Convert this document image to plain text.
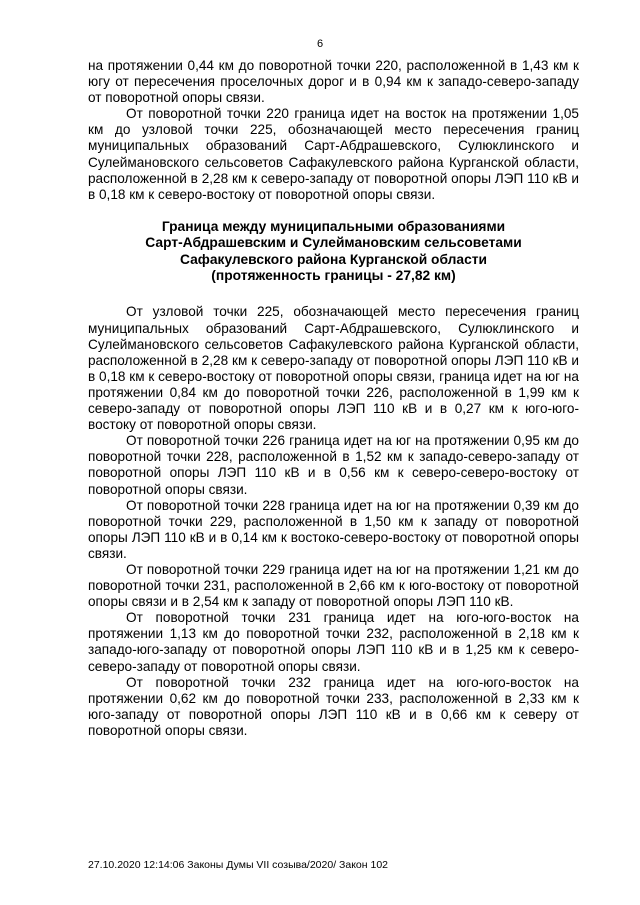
6

на протяжении 0,44 км до поворотной точки 220, расположенной в 1,43 км к югу от пересечения проселочных дорог и в 0,94 км к западо-северо-западу от поворотной опоры связи.

От поворотной точки 220 граница идет на восток на протяжении 1,05 км до узловой точки 225, обозначающей место пересечения границ муниципальных образований Сарт-Абдрашевского, Сулюклинского и Сулеймановского сельсоветов Сафакулевского района Курганской области, расположенной в 2,28 км к северо-западу от поворотной опоры ЛЭП 110 кВ и в 0,18 км к северо-востоку от поворотной опоры связи.

Граница между муниципальными образованиями
Сарт-Абдрашевским и Сулеймановским сельсоветами
Сафакулевского района Курганской области
(протяженность границы - 27,82 км)

От узловой точки 225, обозначающей место пересечения границ муниципальных образований Сарт-Абдрашевского, Сулюклинского и Сулеймановского сельсоветов Сафакулевского района Курганской области, расположенной в 2,28 км к северо-западу от поворотной опоры ЛЭП 110 кВ и в 0,18 км к северо-востоку от поворотной опоры связи, граница идет на юг на протяжении 0,84 км до поворотной точки 226, расположенной в 1,99 км к северо-западу от поворотной опоры ЛЭП 110 кВ и в 0,27 км к юго-юго-востоку от поворотной опоры связи.

От поворотной точки 226 граница идет на юг на протяжении 0,95 км до поворотной точки 228, расположенной в 1,52 км к западо-северо-западу от поворотной опоры ЛЭП 110 кВ и в 0,56 км к северо-северо-востоку от поворотной опоры связи.

От поворотной точки 228 граница идет на юг на протяжении 0,39 км до поворотной точки 229, расположенной в 1,50 км к западу от поворотной опоры ЛЭП 110 кВ и в 0,14 км к востоко-северо-востоку от поворотной опоры связи.

От поворотной точки 229 граница идет на юг на протяжении 1,21 км до поворотной точки 231, расположенной в 2,66 км к юго-востоку от поворотной опоры связи и в 2,54 км к западу от поворотной опоры ЛЭП 110 кВ.

От поворотной точки 231 граница идет на юго-юго-восток на протяжении 1,13 км до поворотной точки 232, расположенной в 2,18 км к западо-юго-западу от поворотной опоры ЛЭП 110 кВ и в 1,25 км к северо-северо-западу от поворотной опоры связи.

От поворотной точки 232 граница идет на юго-юго-восток на протяжении 0,62 км до поворотной точки 233, расположенной в 2,33 км к юго-западу от поворотной опоры ЛЭП 110 кВ и в 0,66 км к северу от поворотной опоры связи.

27.10.2020 12:14:06 Законы Думы VII созыва/2020/ Закон 102
